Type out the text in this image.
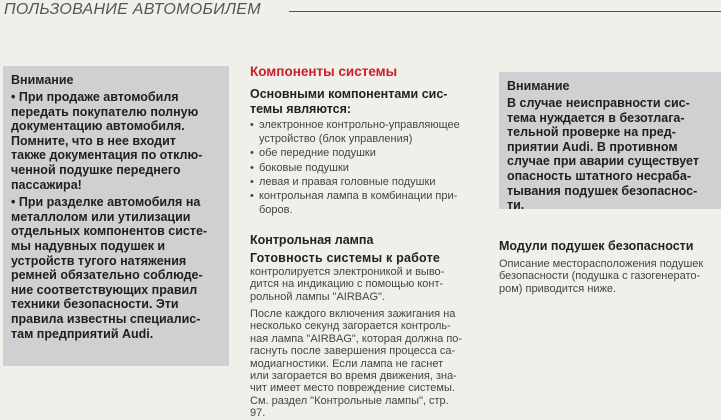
ПОЛЬЗОВАНИЕ АВТОМОБИЛЕМ
Внимание

• При продаже автомобиля
передать покупателю полную
документацию автомобиля.
Помните, что в нее входит
также документация по отклю-
ченной подушке переднего
пассажира!

• При разделке автомобиля на
металлолом или утилизации
отдельных компонентов систе-
мы надувных подушек и
устройств тугого натяжения
ремней обязательно соблюде-
ние соответствующих правил
техники безопасности. Эти
правила известны специалис-
там предприятий Audi.

Компоненты системы
Основными компонентами сис-
темы являются:
• электронное контрольно-управляющее
устройство (блок управления)
• обе передние подушки
• боковые подушки
• левая и правая головные подушки
• контрольная лампа в комбинации при-
боров.
Контрольная лампа
Готовность системы к работе
контролируется электроникой и выво-
дится на индикацию с помощью конт-
рольной лампы "AIRBAG".
После каждого включения зажигания на
несколько секунд загорается контроль-
ная лампа "AIRBAG", которая должна по-
гаснуть после завершения процесса са-
модиагностики. Если лампа не гаснет
или загорается во время движения, зна-
чит имеет место повреждение системы.
См. раздел "Контрольные лампы", стр.
97.
Внимание

В случае неисправности сис-
тема нуждается в безотлага-
тельной проверке на пред-
приятии Audi. В противном
случае при аварии существует
опасность штатного несраба-
тывания подушек безопаснос-
ти.

Модули подушек безопасности
Описание месторасположения подушек
безопасности (подушка с газогенерато-
ром) приводится ниже.
